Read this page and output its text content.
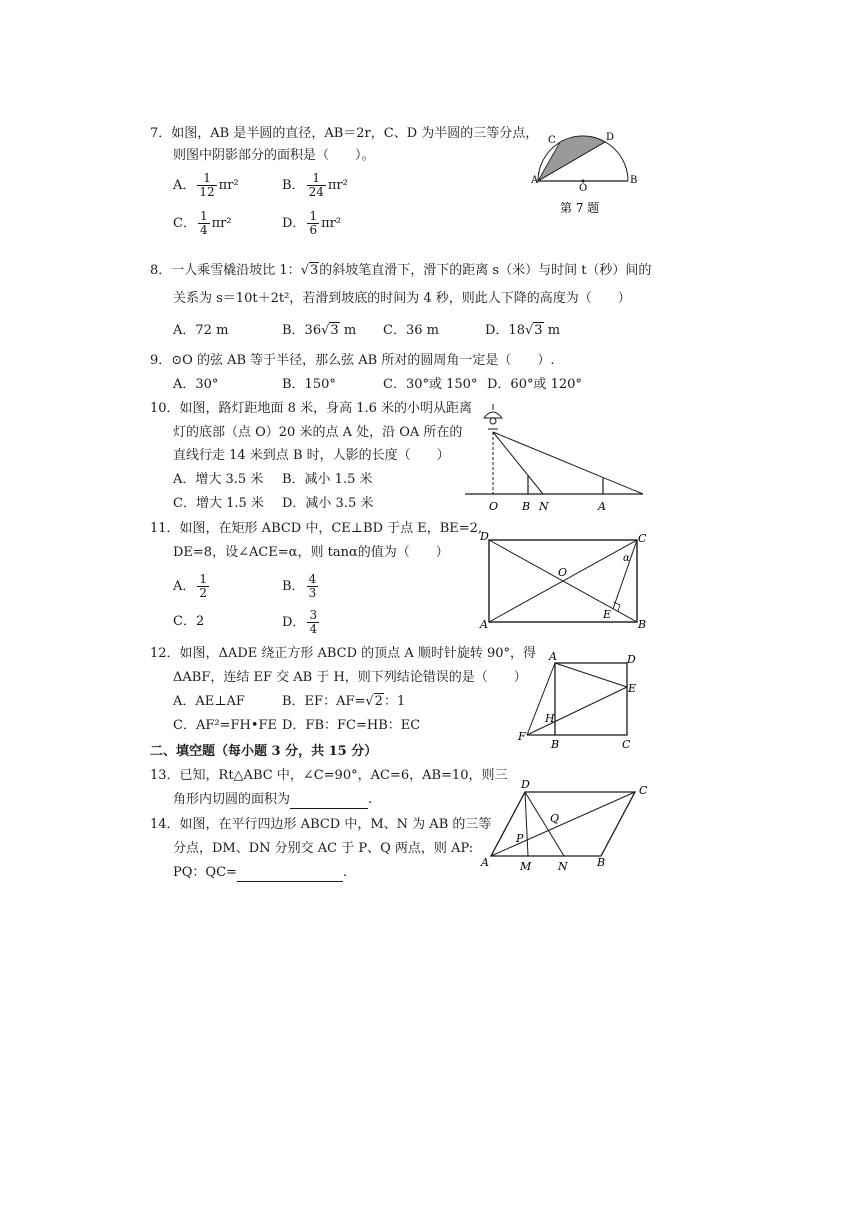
7．如图，AB 是半圆的直径，AB＝2r，C、D 为半圆的三等分点，
则图中阴影部分的面积是（　　）。
A． $\frac{1}{12} \pi r^2$	B． $\frac{1}{24} \pi r^2$
C． $\frac{1}{4} \pi r^2$	D． $\frac{1}{6} \pi r^2$
C	D
A	B
O
第 7 题
8．一人乘雪橇沿坡比 1：√3的斜坡笔直滑下，滑下的距离 s（米）与时间 t（秒）间的
关系为 s＝10t＋2t²，若滑到坡底的时间为 4 秒，则此人下降的高度为（　　）
A．72 m	B．36√3 m C．36 m	D．18√3 m
9．⊙O 的弦 AB 等于半径，那么弦 AB 所对的圆周角一定是（　　）.
A．30°	B．150°	C．30°或 150° D．60°或 120°
10．如图，路灯距地面 8 米，身高 1.6 米的小明从距离
灯的底部（点 O）20 米的点 A 处，沿 OA 所在的
直线行走 14 米到点 B 时，人影的长度（　　）
A．增大 3.5 米 B．减小 1.5 米
C．增大 1.5 米 D．减小 3.5 米	O B N	A
11．如图，在矩形 ABCD 中，CE⊥BD 于点 E，BE=2,
DE=8，设∠ACE=α，则 tanα的值为（　　）
A． $\frac{1}{2}$	B． $\frac{4}{3}$
C．2	D． $\frac{3}{4}$
D	C
A	B
O
E
α
12．如图，ΔADE 绕正方形 ABCD 的顶点 A 顺时针旋转 90°，得
ΔABF，连结 EF 交 AB 于 H，则下列结论错误的是（　　）
A．AE⊥AF	B．EF：AF=√2：1
C．AF²=FH•FE D．FB：FC=HB：EC
A	D
E
H
F
B	C
二、填空题（每小题 3 分，共 15 分）
13．已知，Rt△ABC 中，∠C=90°，AC=6，AB=10，则三
角形内切圆的面积为	.
14．如图，在平行四边形 ABCD 中，M、N 为 AB 的三等
分点，DM、DN 分别交 AC 于 P、Q 两点，则 AP:
PQ：QC=	.
D	C
A	M N	B
P
Q
